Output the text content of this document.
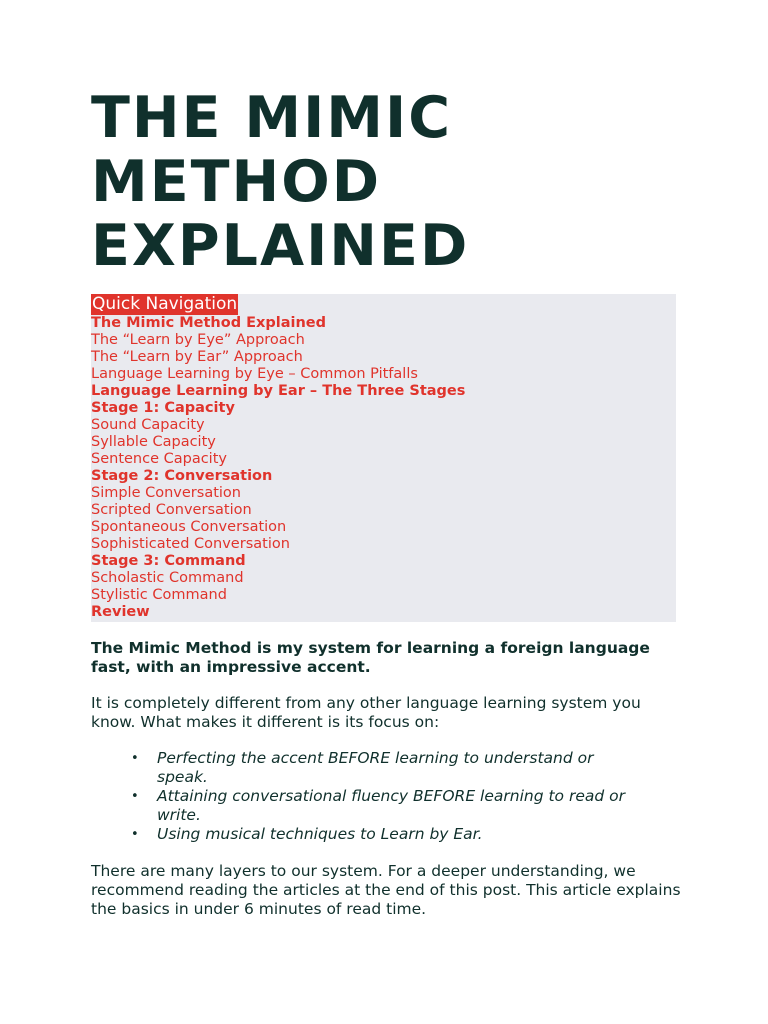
THE MIMIC
METHOD
EXPLAINED
Quick Navigation
The Mimic Method Explained
The “Learn by Eye” Approach
The “Learn by Ear” Approach
Language Learning by Eye – Common Pitfalls
Language Learning by Ear – The Three Stages
Stage 1: Capacity
Sound Capacity
Syllable Capacity
Sentence Capacity
Stage 2: Conversation
Simple Conversation
Scripted Conversation
Spontaneous Conversation
Sophisticated Conversation
Stage 3: Command
Scholastic Command
Stylistic Command
Review

The Mimic Method is my system for learning a foreign language fast, with an impressive accent.

It is completely different from any other language learning system you know. What makes it different is its focus on:

• Perfecting the accent BEFORE learning to understand or speak.
• Attaining conversational fluency BEFORE learning to read or write.
• Using musical techniques to Learn by Ear.

There are many layers to our system. For a deeper understanding, we recommend reading the articles at the end of this post. This article explains the basics in under 6 minutes of read time.
